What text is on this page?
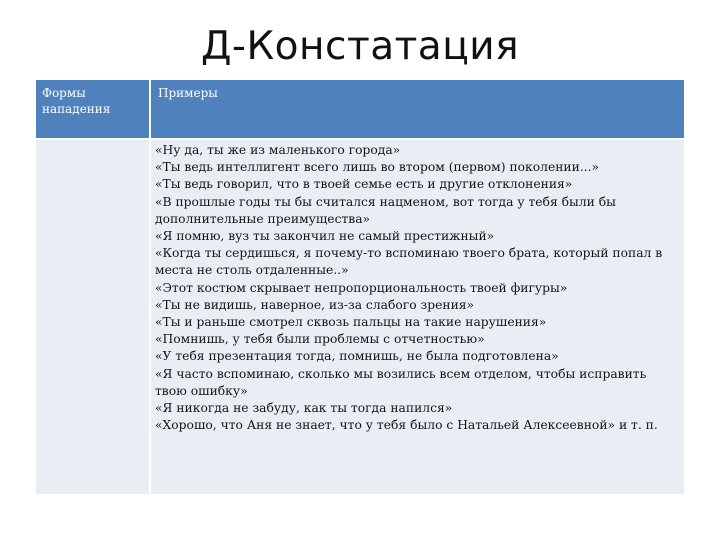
Д-Констатация
Формы нападения
Примеры
«Ну да, ты же из маленького города»
«Ты ведь интеллигент всего лишь во втором (первом) поколении...»
«Ты ведь говорил, что в твоей семье есть и другие отклонения»
«В прошлые годы ты бы считался нацменом, вот тогда у тебя были бы дополнительные преимущества»
«Я помню, вуз ты закончил не самый престижный»
«Когда ты сердишься, я почему-то вспоминаю твоего брата, который попал в места не столь отдаленные..»
«Этот костюм скрывает непропорциональность твоей фигуры»
«Ты не видишь, наверное, из-за слабого зрения»
«Ты и раньше смотрел сквозь пальцы на такие нарушения»
«Помнишь, у тебя были проблемы с отчетностью»
«У тебя презентация тогда, помнишь, не была подготовлена»
«Я часто вспоминаю, сколько мы возились всем отделом, чтобы исправить твою ошибку»
«Я никогда не забуду, как ты тогда напился»
«Хорошо, что Аня не знает, что у тебя было с Натальей Алексеевной» и т. п.
